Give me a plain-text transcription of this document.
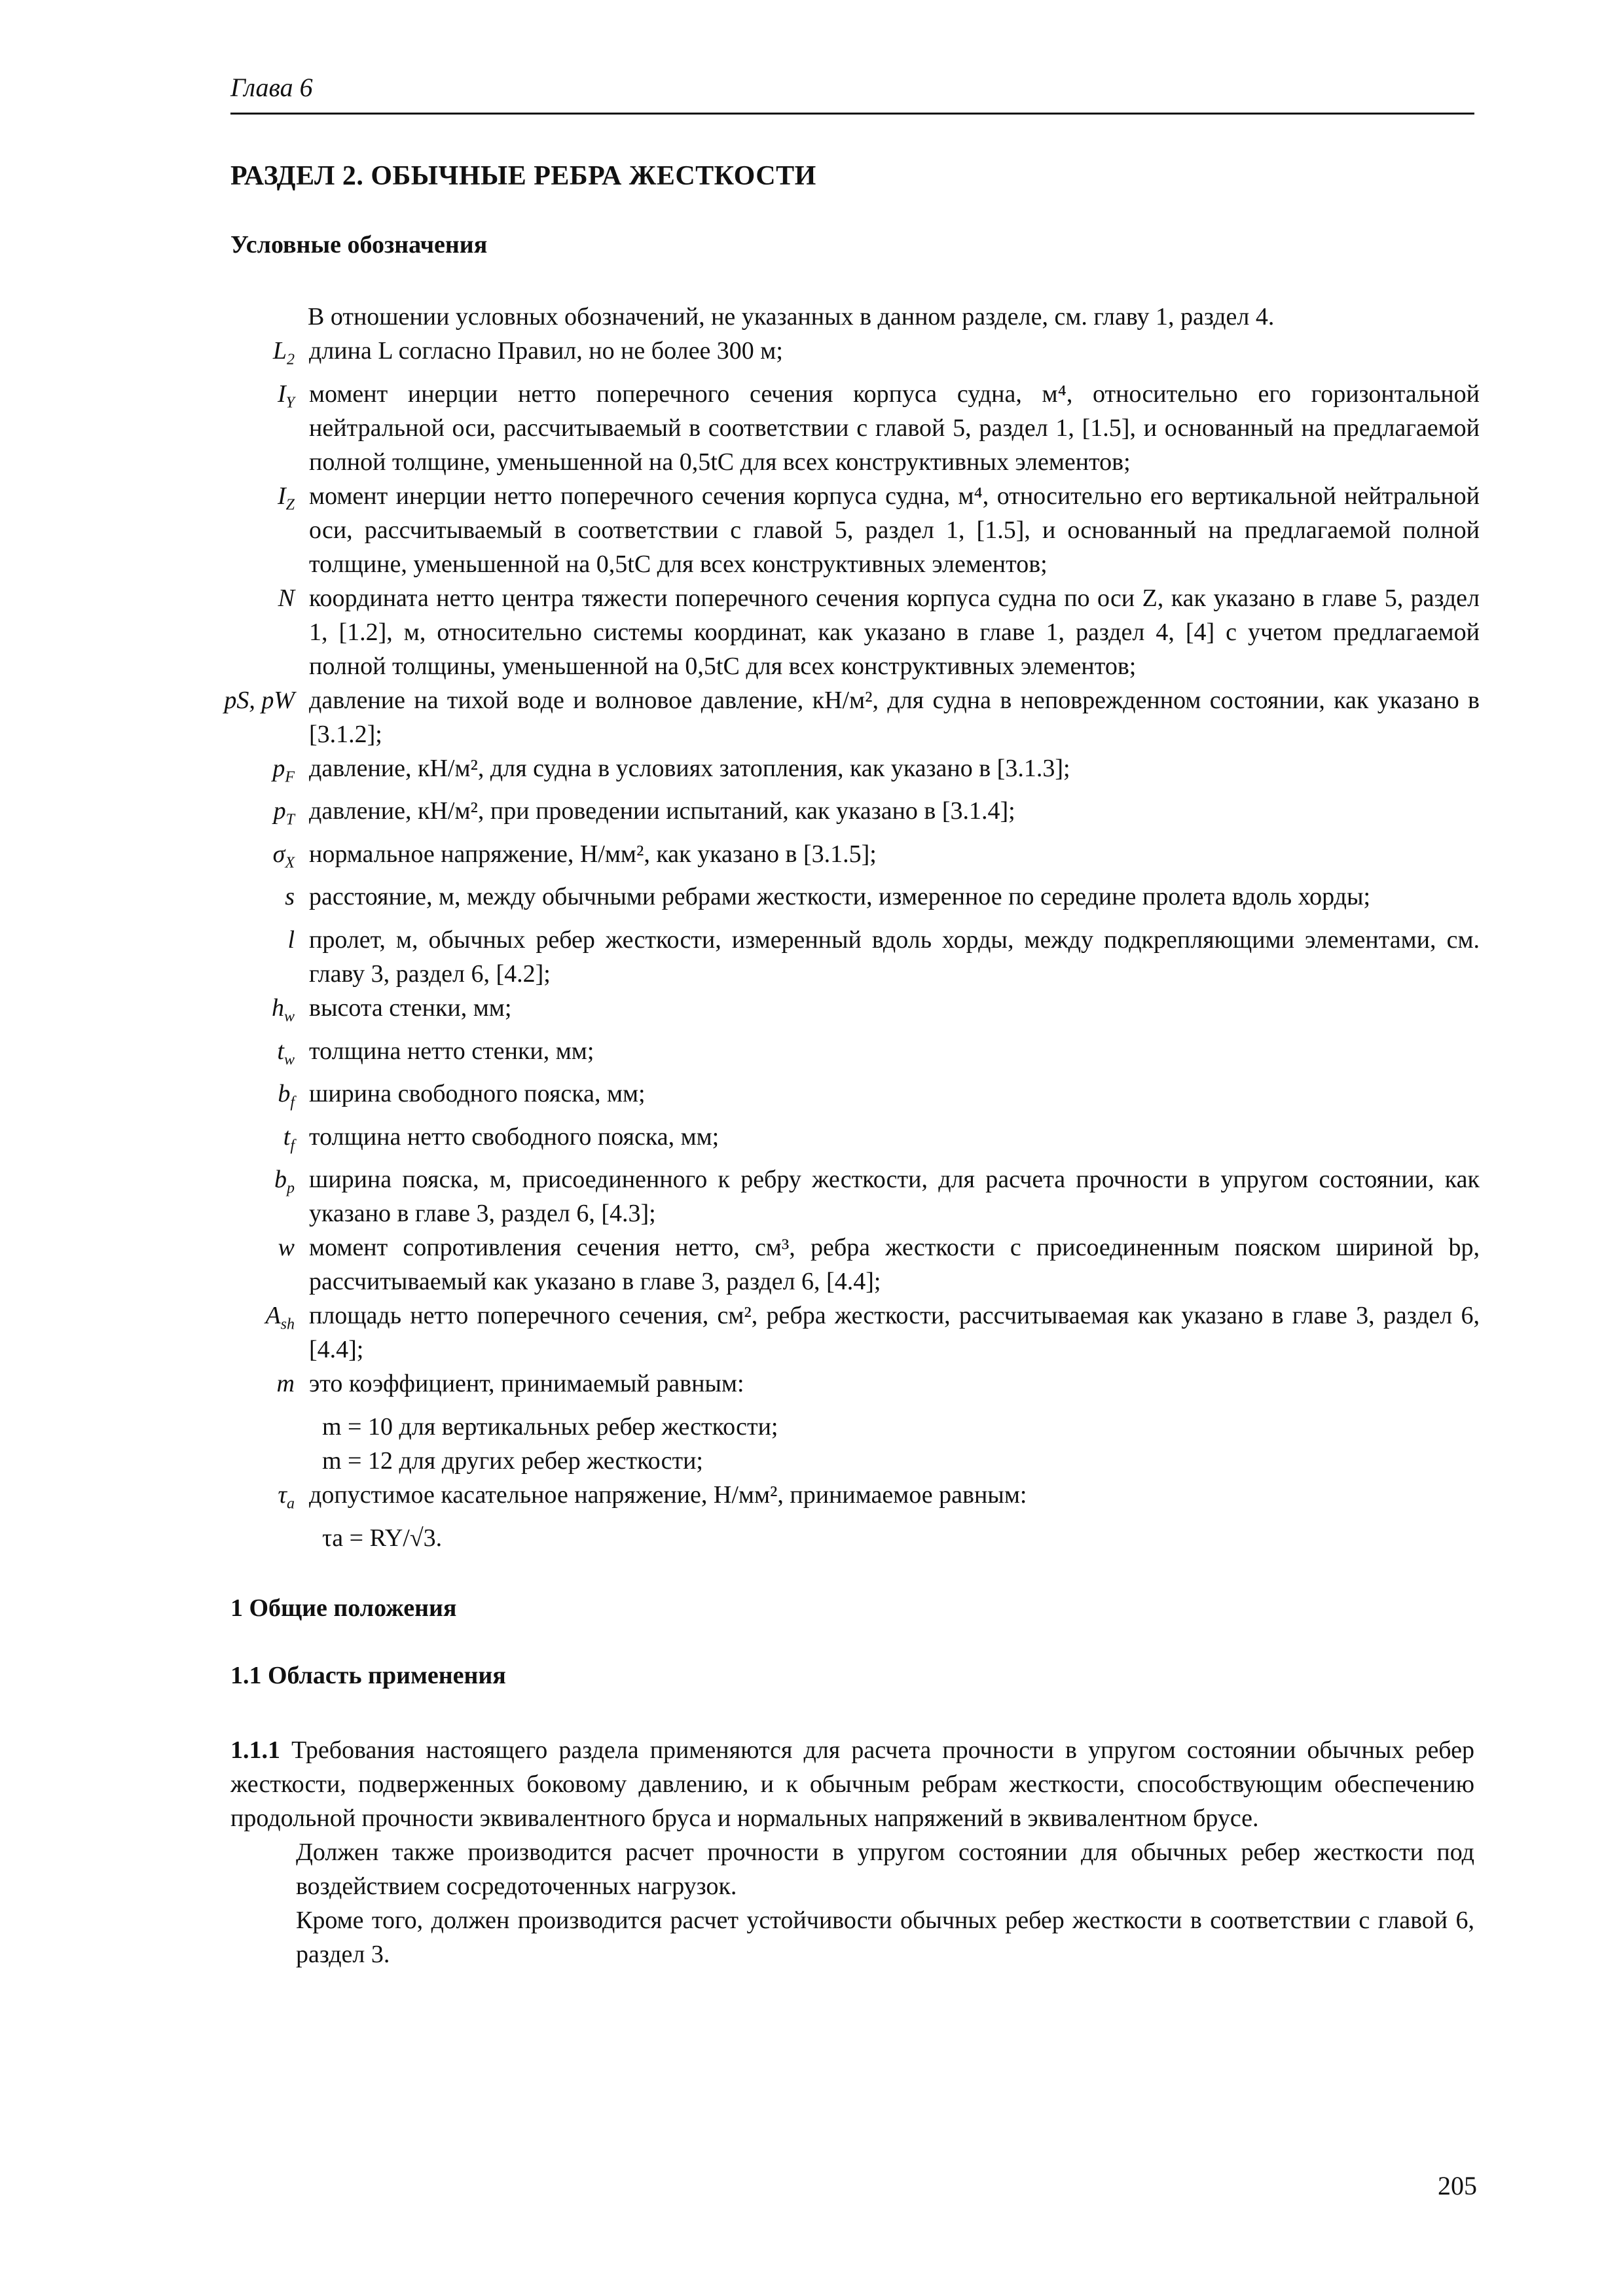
Глава 6
РАЗДЕЛ 2. ОБЫЧНЫЕ РЕБРА ЖЕСТКОСТИ
Условные обозначения
В отношении условных обозначений, не указанных в данном разделе, см. главу 1, раздел 4.
$L_2$ длина L согласно Правил, но не более 300 м;
$I_Y$ момент инерции нетто поперечного сечения корпуса судна, м⁴, относительно его горизонтальной нейтральной оси, рассчитываемый в соответствии с главой 5, раздел 1, [1.5], и основанный на предлагаемой полной толщине, уменьшенной на 0,5tC для всех конструктивных элементов;
$I_Z$ момент инерции нетто поперечного сечения корпуса судна, м⁴, относительно его вертикальной нейтральной оси, рассчитываемый в соответствии с главой 5, раздел 1, [1.5], и основанный на предлагаемой полной толщине, уменьшенной на 0,5tC для всех конструктивных элементов;
N координата нетто центра тяжести поперечного сечения корпуса судна по оси Z, как указано в главе 5, раздел 1, [1.2], м, относительно системы координат, как указано в главе 1, раздел 4, [4] с учетом предлагаемой полной толщины, уменьшенной на 0,5tC для всех конструктивных элементов;
pS, pW давление на тихой воде и волновое давление, кН/м², для судна в неповрежденном состоянии, как указано в [3.1.2];
$p_F$ давление, кН/м², для судна в условиях затопления, как указано в [3.1.3];
$p_T$ давление, кН/м², при проведении испытаний, как указано в [3.1.4];
$\sigma_X$ нормальное напряжение, Н/мм², как указано в [3.1.5];
s расстояние, м, между обычными ребрами жесткости, измеренное по середине пролета вдоль хорды;
l пролет, м, обычных ребер жесткости, измеренный вдоль хорды, между подкрепляющими элементами, см. главу 3, раздел 6, [4.2];
$h_w$ высота стенки, мм;
$t_w$ толщина нетто стенки, мм;
$b_f$ ширина свободного пояска, мм;
$t_f$ толщина нетто свободного пояска, мм;
$b_p$ ширина пояска, м, присоединенного к ребру жесткости, для расчета прочности в упругом состоянии, как указано в главе 3, раздел 6, [4.3];
w момент сопротивления сечения нетто, см³, ребра жесткости с присоединенным пояском шириной bp, рассчитываемый как указано в главе 3, раздел 6, [4.4];
$A_{sh}$ площадь нетто поперечного сечения, см², ребра жесткости, рассчитываемая как указано в главе 3, раздел 6, [4.4];
m это коэффициент, принимаемый равным:
m = 10 для вертикальных ребер жесткости;
m = 12 для других ребер жесткости;
$\tau_a$ допустимое касательное напряжение, Н/мм², принимаемое равным:
τa = RY/√3.
1 Общие положения
1.1 Область применения
1.1.1 Требования настоящего раздела применяются для расчета прочности в упругом состоянии обычных ребер жесткости, подверженных боковому давлению, и к обычным ребрам жесткости, способствующим обеспечению продольной прочности эквивалентного бруса и нормальных напряжений в эквивалентном брусе.
Должен также производится расчет прочности в упругом состоянии для обычных ребер жесткости под воздействием сосредоточенных нагрузок.
Кроме того, должен производится расчет устойчивости обычных ребер жесткости в соответствии с главой 6, раздел 3.
205
